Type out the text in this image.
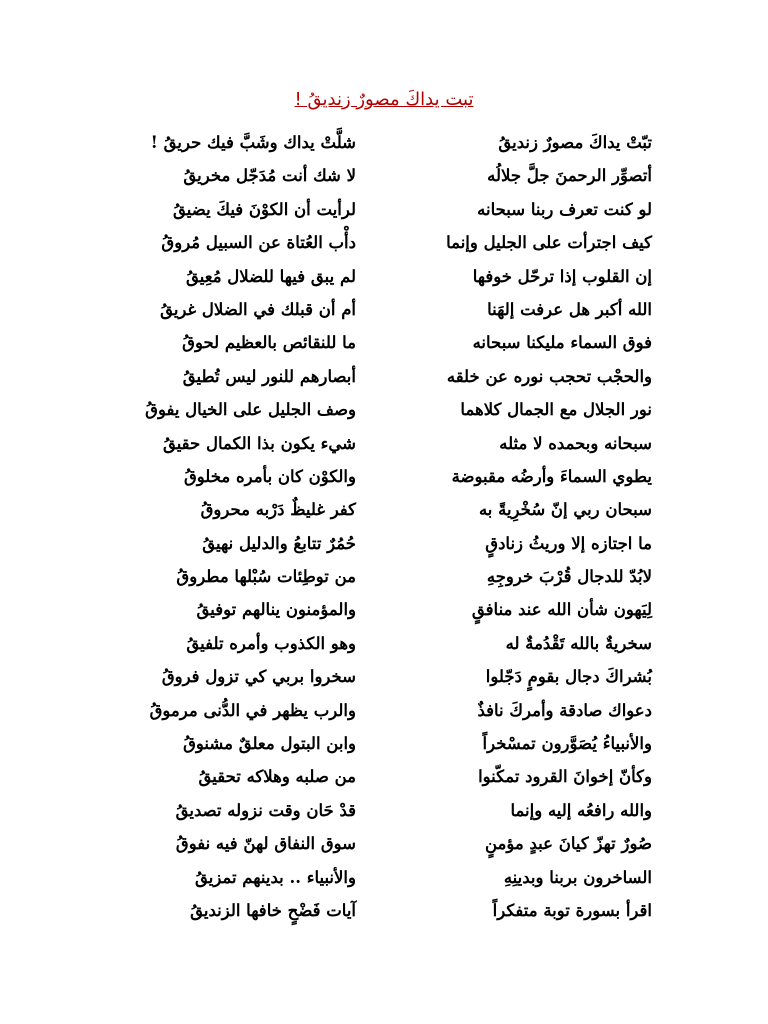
تبت يداكَ مصورٌ زنديقُ !
تبّتْ يداكَ مصورٌ زنديقُ
شلَّتْ يداك وشَبَّ فيك حريقُ !
أتصوِّر الرحمنَ جلَّ جلالُه
لا شك أنت مُدَجّل مخريقُ
لو كنت تعرف ربنا سبحانه
لرأيت أن الكوْنَ فيكَ يضيقُ
كيف اجترأت على الجليل وإنما
دأْب العُتاة عن السبيل مُروقُ
إن القلوب إذا ترحّل خوفها
لم يبق فيها للضلال مُعِيقُ
الله أكبر هل عرفت إلهَنا
أم أن قبلك في الضلال غريقُ
فوق السماء مليكنا سبحانه
ما للنقائص بالعظيم لحوقُ
والحجْب تحجب نوره عن خلقه
أبصارهم للنور ليس تُطيقُ
نور الجلال مع الجمال كلاهما
وصف الجليل على الخيال يفوقُ
سبحانه وبحمده لا مثله
شيء يكون بذا الكمال حقيقُ
يطوي السماءَ وأرضُه مقبوضة
والكوْن كان بأمره مخلوقُ
سبحان ربي إنّ سُخْرِيةً به
كفر غليظٌ دَرْبه محروقُ
ما اجتازه إلا وريثُ زنادقٍ
حُمُرٌ تتابعُ والدليل نهيقُ
لابُدّ للدجال قُرْبَ خروجِهِ
من توطِئات سُبْلها مطروقُ
لِيَهون شأن الله عند منافقٍ
والمؤمنون ينالهم توفيقُ
سخريةٌ بالله تَقْدُمةٌ له
وهو الكذوب وأمره تلفيقُ
بُشراكَ دجال بقومٍ دَجّلوا
سخروا بربي كي تزول فروقُ
دعواك صادقة وأمركَ نافذٌ
والرب يظهر في الدُّنى مرموقُ
والأنبياءُ يُصَوَّرون تمسْخراً
وابن البتول معلقٌ مشنوقُ
وكأنّ إخوانَ القرود تمكّنوا
من صلبه وهلاكه تحقيقُ
والله رافعُه إليه وإنما
قدْ حَان وقت نزوله تصديقُ
صُورٌ تهزّ كيانَ عبدٍ مؤمنٍ
سوق النفاق لهنّ فيه نفوقُ
الساخرون بربنا وبدينِهِ
والأنبياء .. بدينهم تمزيقُ
اقرأ بسورة توبة متفكراً
آيات فَضْحٍ خافها الزنديقُ
